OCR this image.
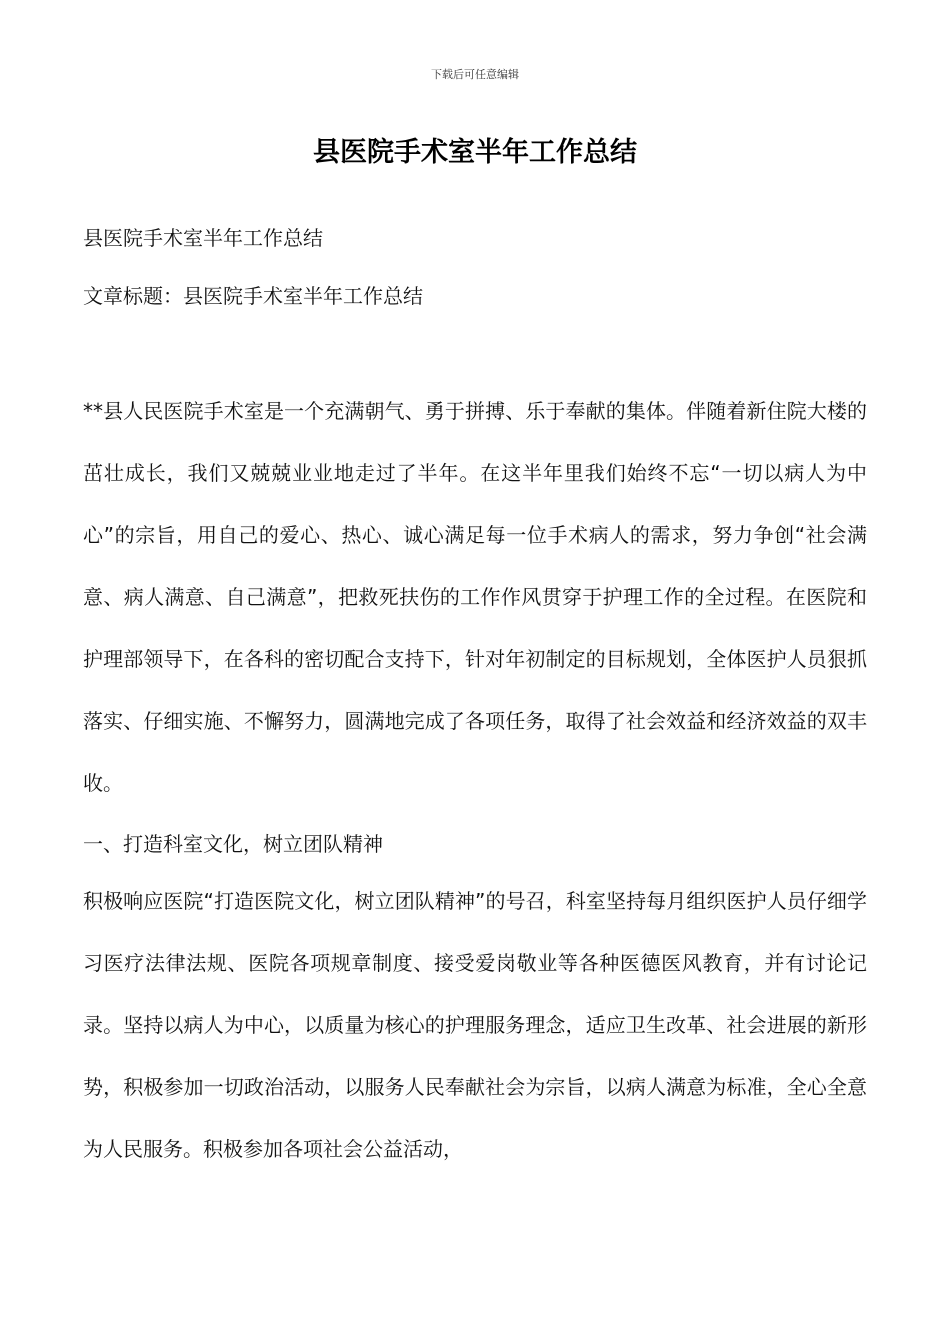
下载后可任意编辑
县医院手术室半年工作总结

县医院手术室半年工作总结

文章标题：县医院手术室半年工作总结

**县人民医院手术室是一个充满朝气、勇于拼搏、乐于奉献的集体。伴随着新住院大楼的茁壮成长，我们又兢兢业业地走过了半年。在这半年里我们始终不忘“一切以病人为中心”的宗旨，用自己的爱心、热心、诚心满足每一位手术病人的需求，努力争创“社会满意、病人满意、自己满意”，把救死扶伤的工作作风贯穿于护理工作的全过程。在医院和护理部领导下，在各科的密切配合支持下，针对年初制定的目标规划，全体医护人员狠抓落实、仔细实施、不懈努力，圆满地完成了各项任务，取得了社会效益和经济效益的双丰收。

一、打造科室文化，树立团队精神

积极响应医院“打造医院文化，树立团队精神”的号召，科室坚持每月组织医护人员仔细学习医疗法律法规、医院各项规章制度、接受爱岗敬业等各种医德医风教育，并有讨论记录。坚持以病人为中心，以质量为核心的护理服务理念，适应卫生改革、社会进展的新形势，积极参加一切政治活动，以服务人民奉献社会为宗旨，以病人满意为标准，全心全意为人民服务。积极参加各项社会公益活动，
